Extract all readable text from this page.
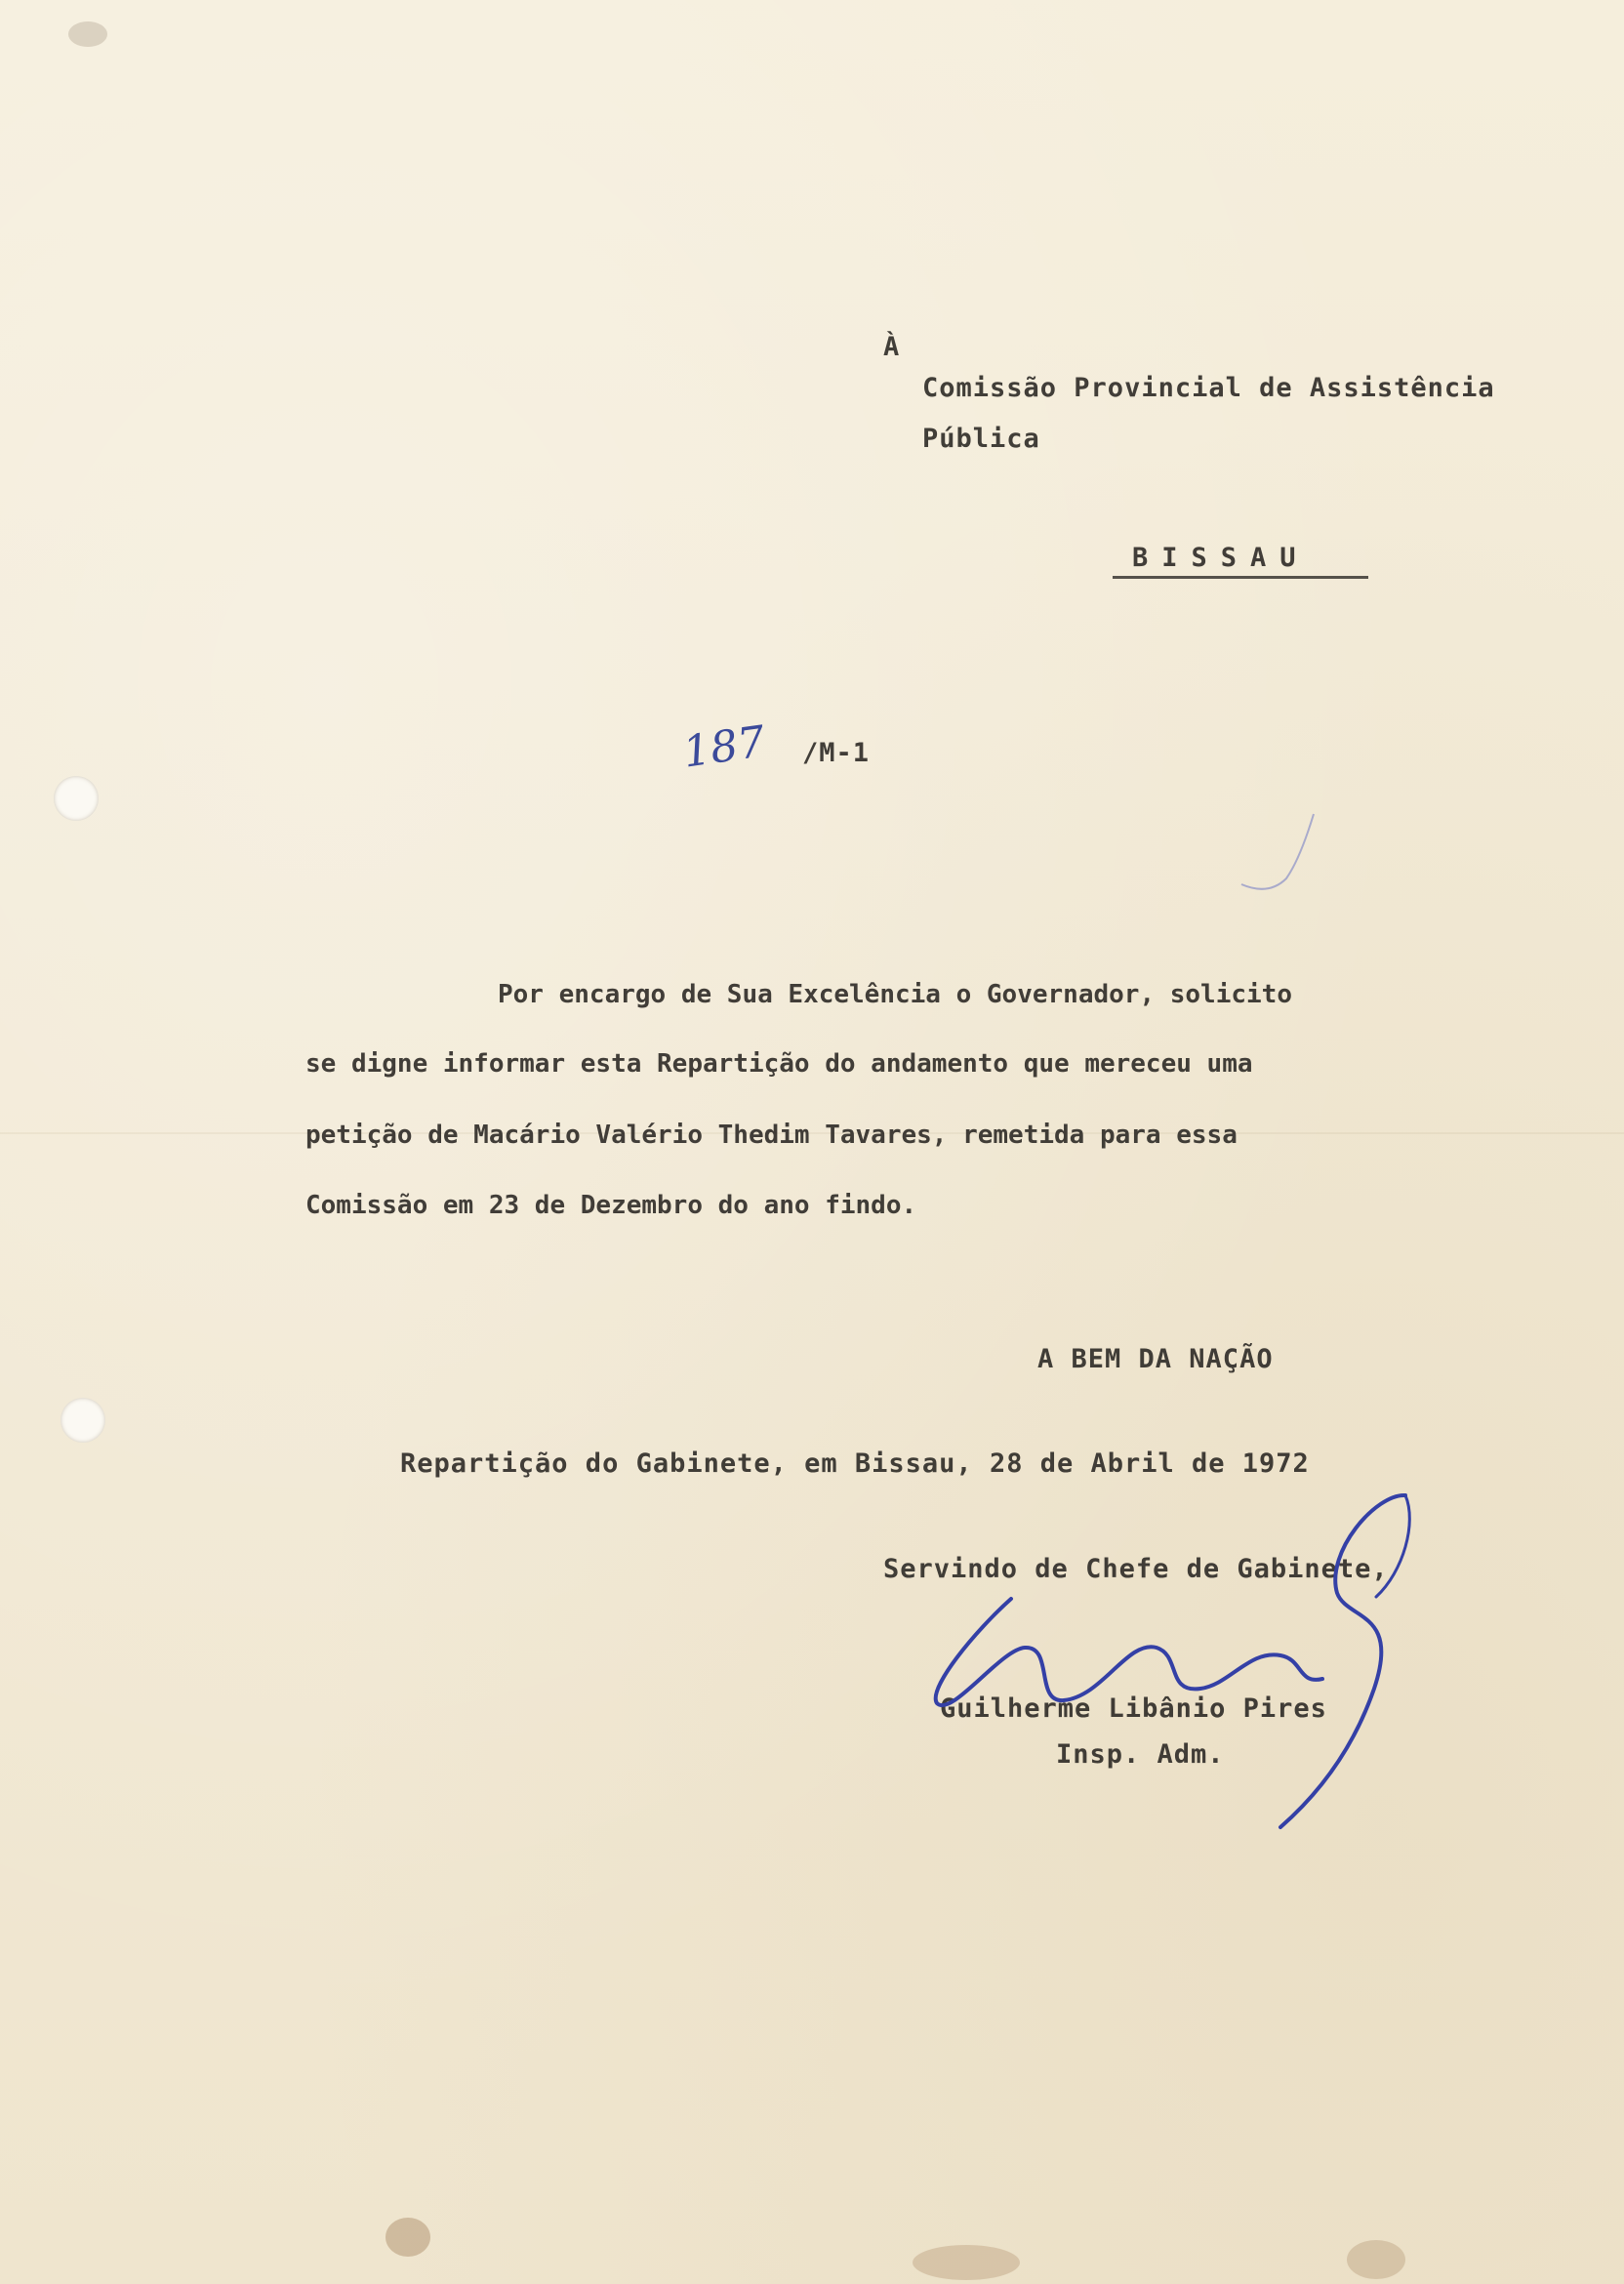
À
Comissão Provincial de Assistência
Pública
BISSAU
187 /M-1
Por encargo de Sua Excelência o Governador, solicito
se digne informar esta Repartição do andamento que mereceu uma
petição de Macário Valério Thedim Tavares, remetida para essa
Comissão em 23 de Dezembro do ano findo.
A BEM DA NAÇÃO
Repartição do Gabinete, em Bissau, 28 de Abril de 1972
Servindo de Chefe de Gabinete,
Guilherme Libânio Pires
Insp. Adm.
